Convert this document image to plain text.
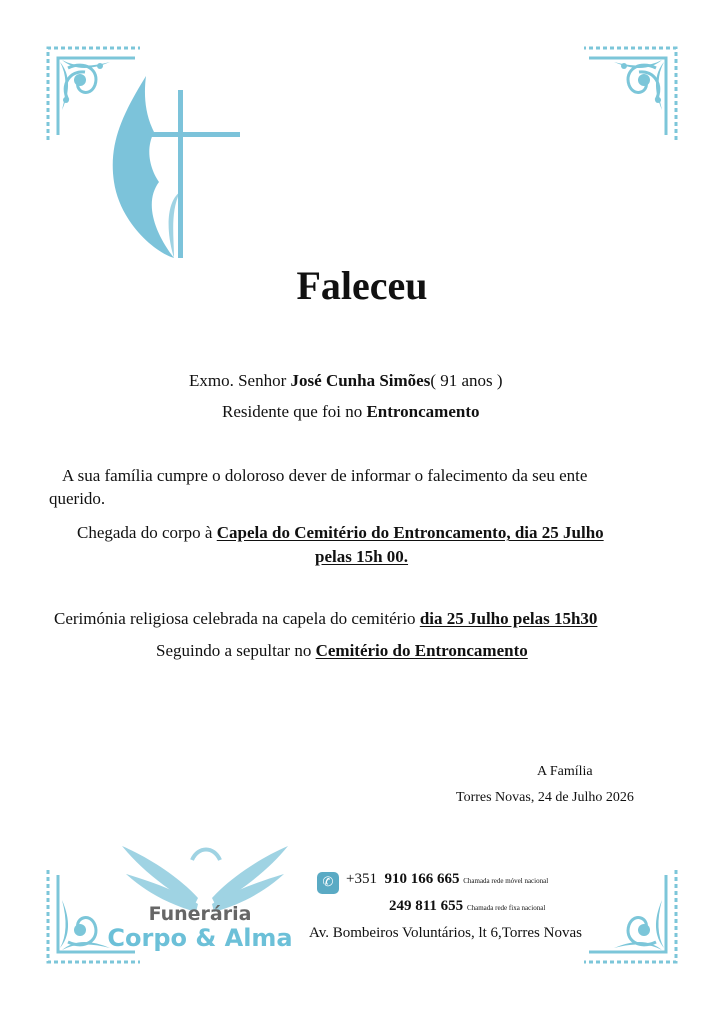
Faleceu
Exmo. Senhor José Cunha Simões( 91 anos )
Residente que foi no Entroncamento
A sua família cumpre o doloroso dever de informar o falecimento da seu ente
querido.
Chegada do corpo à Capela do Cemitério do Entroncamento, dia 25 Julho
pelas 15h 00.
Cerimónia religiosa celebrada na capela do cemitério dia 25 Julho pelas 15h30
Seguindo a sepultar no Cemitério do Entroncamento
A Família
Torres Novas, 24 de Julho 2026
Funerária
Corpo & Alma
✆ +351 910 166 665 Chamada rede móvel nacional
249 811 655 Chamada rede fixa nacional
Av. Bombeiros Voluntários, lt 6,Torres Novas
